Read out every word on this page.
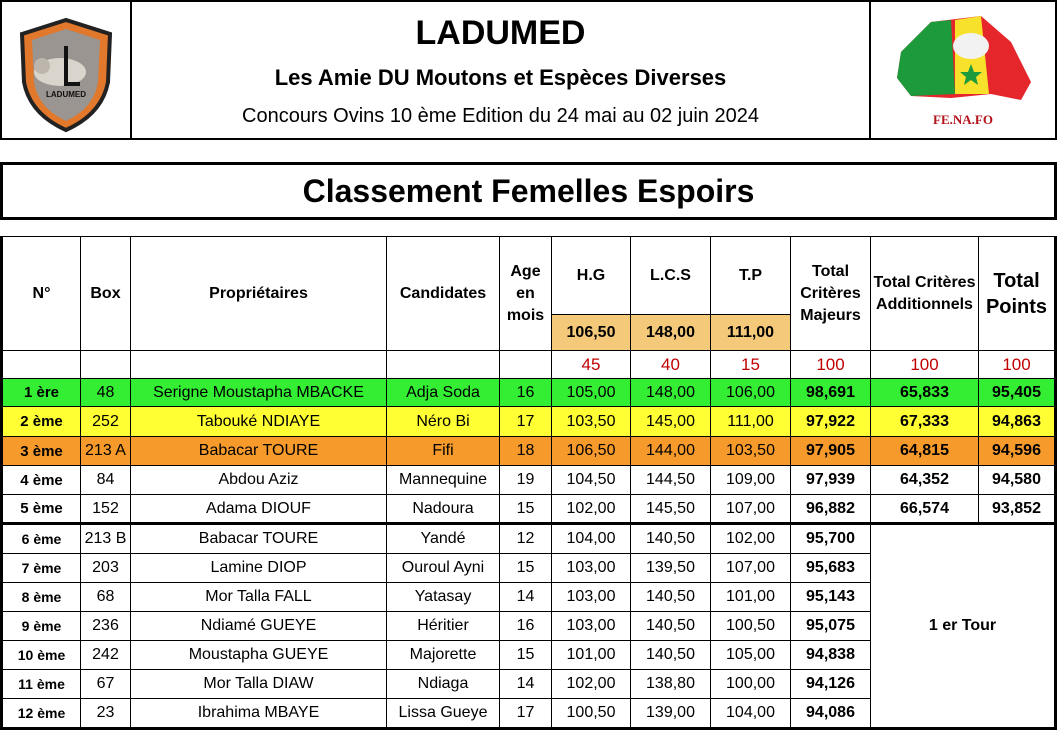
LADUMED
LADUMED
Les Amie DU Moutons et Espèces Diverses
Concours Ovins 10 ème Edition du 24 mai au 02 juin 2024	FE.NA.FO
Classement Femelles Espoirs
N°	Box	Propriétaires	Candidates	Age en mois	H.G	L.C.S	T.P	Total Critères Majeurs	Total Critères Additionnels	Total Points
					106,50	148,00	111,00			
					45	40	15	100	100	100
1 ère	48	Serigne Moustapha MBACKE	Adja Soda	16	105,00	148,00	106,00	98,691	65,833	95,405
2 ème	252	Tabouké NDIAYE	Néro Bi	17	103,50	145,00	111,00	97,922	67,333	94,863
3 ème	213 A	Babacar TOURE	Fifi	18	106,50	144,00	103,50	97,905	64,815	94,596
4 ème	84	Abdou Aziz	Mannequine	19	104,50	144,50	109,00	97,939	64,352	94,580
5 ème	152	Adama DIOUF	Nadoura	15	102,00	145,50	107,00	96,882	66,574	93,852
6 ème	213 B	Babacar TOURE	Yandé	12	104,00	140,50	102,00	95,700	1 er Tour	
7 ème	203	Lamine DIOP	Ouroul Ayni	15	103,00	139,50	107,00	95,683		
8 ème	68	Mor Talla FALL	Yatasay	14	103,00	140,50	101,00	95,143		
9 ème	236	Ndiamé GUEYE	Héritier	16	103,00	140,50	100,50	95,075		
10 ème	242	Moustapha GUEYE	Majorette	15	101,00	140,50	105,00	94,838		
11 ème	67	Mor Talla DIAW	Ndiaga	14	102,00	138,80	100,00	94,126		
12 ème	23	Ibrahima MBAYE	Lissa Gueye	17	100,50	139,00	104,00	94,086		
